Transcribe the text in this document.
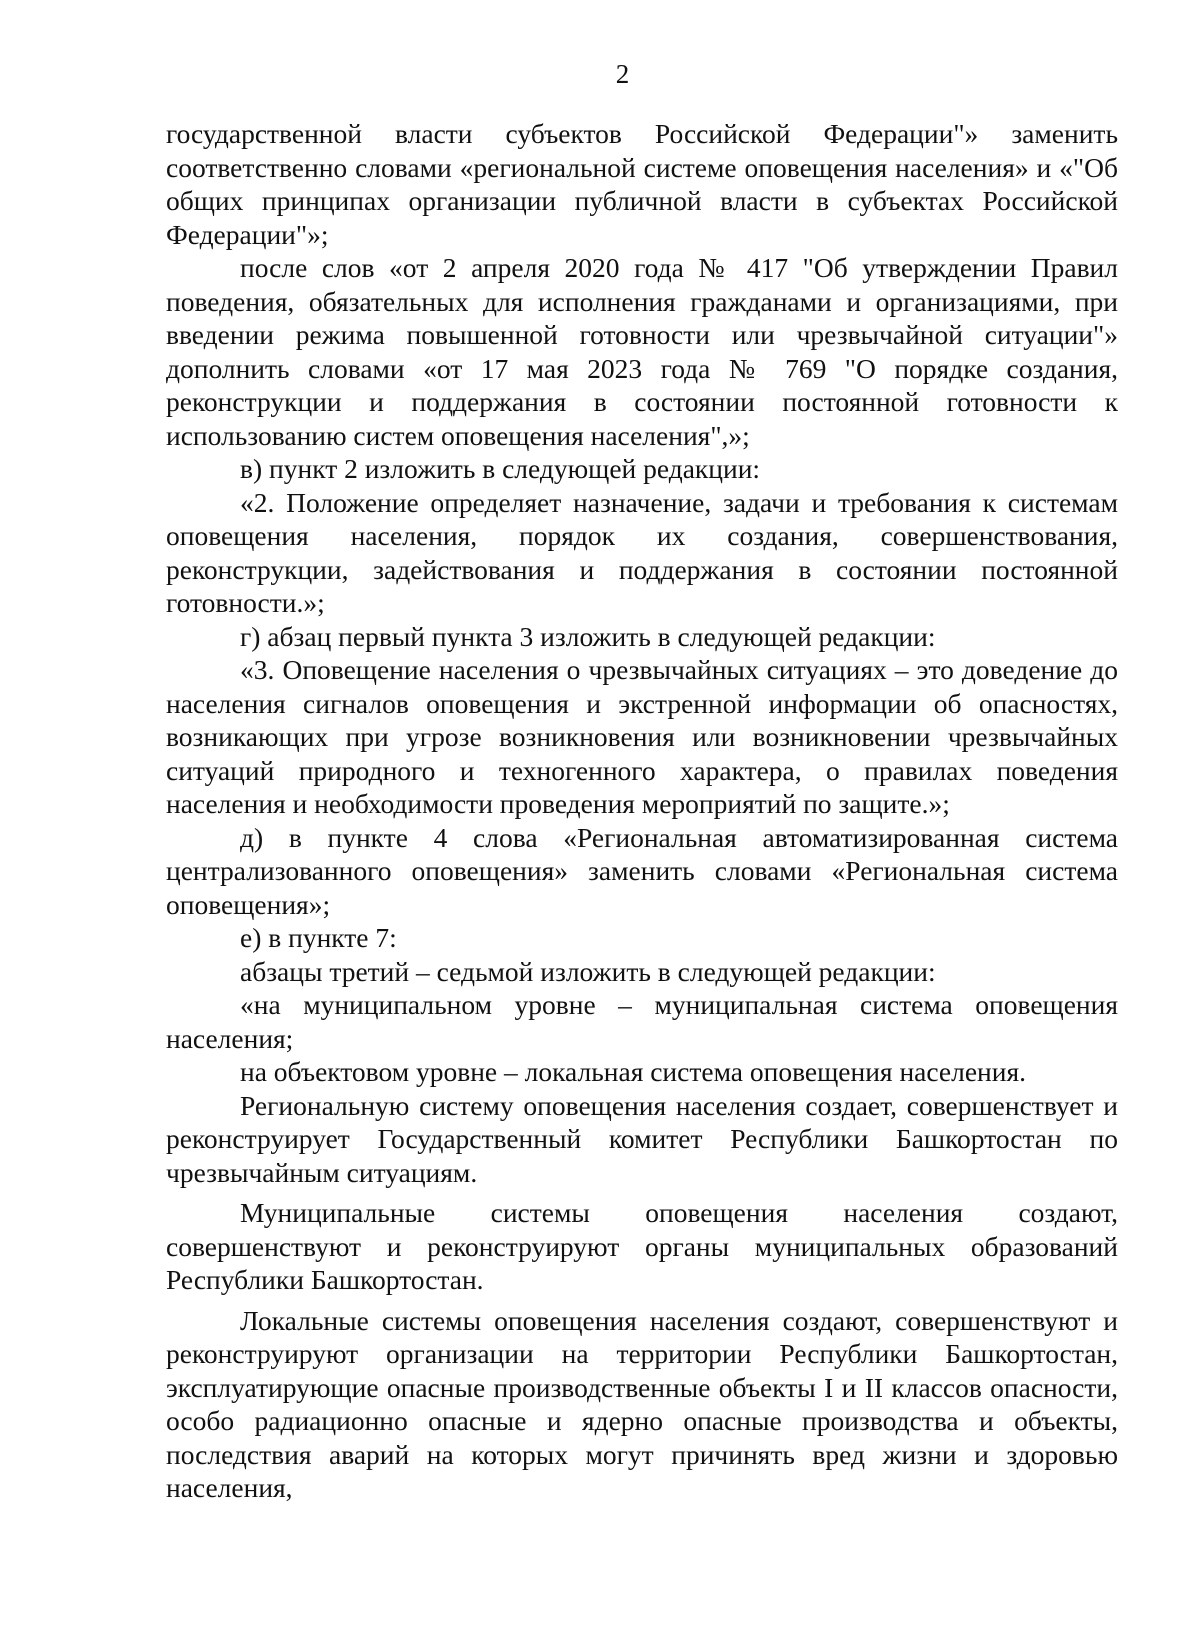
2

государственной власти субъектов Российской Федерации"» заменить соответственно словами «региональной системе оповещения населения» и «"Об общих принципах организации публичной власти в субъектах Российской Федерации"»;

после слов «от 2 апреля 2020 года № 417 "Об утверждении Правил поведения, обязательных для исполнения гражданами и организациями, при введении режима повышенной готовности или чрезвычайной ситуации"» дополнить словами «от 17 мая 2023 года № 769 "О порядке создания, реконструкции и поддержания в состоянии постоянной готовности к использованию систем оповещения населения",»;

в) пункт 2 изложить в следующей редакции:

«2. Положение определяет назначение, задачи и требования к системам оповещения населения, порядок их создания, совершенствования, реконструкции, задействования и поддержания в состоянии постоянной готовности.»;

г) абзац первый пункта 3 изложить в следующей редакции:

«3. Оповещение населения о чрезвычайных ситуациях – это доведение до населения сигналов оповещения и экстренной информации об опасностях, возникающих при угрозе возникновения или возникновении чрезвычайных ситуаций природного и техногенного характера, о правилах поведения населения и необходимости проведения мероприятий по защите.»;

д) в пункте 4 слова «Региональная автоматизированная система централизованного оповещения» заменить словами «Региональная система оповещения»;

е) в пункте 7:

абзацы третий – седьмой изложить в следующей редакции:

«на муниципальном уровне – муниципальная система оповещения населения;

на объектовом уровне – локальная система оповещения населения.

Региональную систему оповещения населения создает, совершенствует и реконструирует Государственный комитет Республики Башкортостан по чрезвычайным ситуациям.

Муниципальные системы оповещения населения создают, совершенствуют и реконструируют органы муниципальных образований Республики Башкортостан.

Локальные системы оповещения населения создают, совершенствуют и реконструируют организации на территории Республики Башкортостан, эксплуатирующие опасные производственные объекты I и II классов опасности, особо радиационно опасные и ядерно опасные производства и объекты, последствия аварий на которых могут причинять вред жизни и здоровью населения,
